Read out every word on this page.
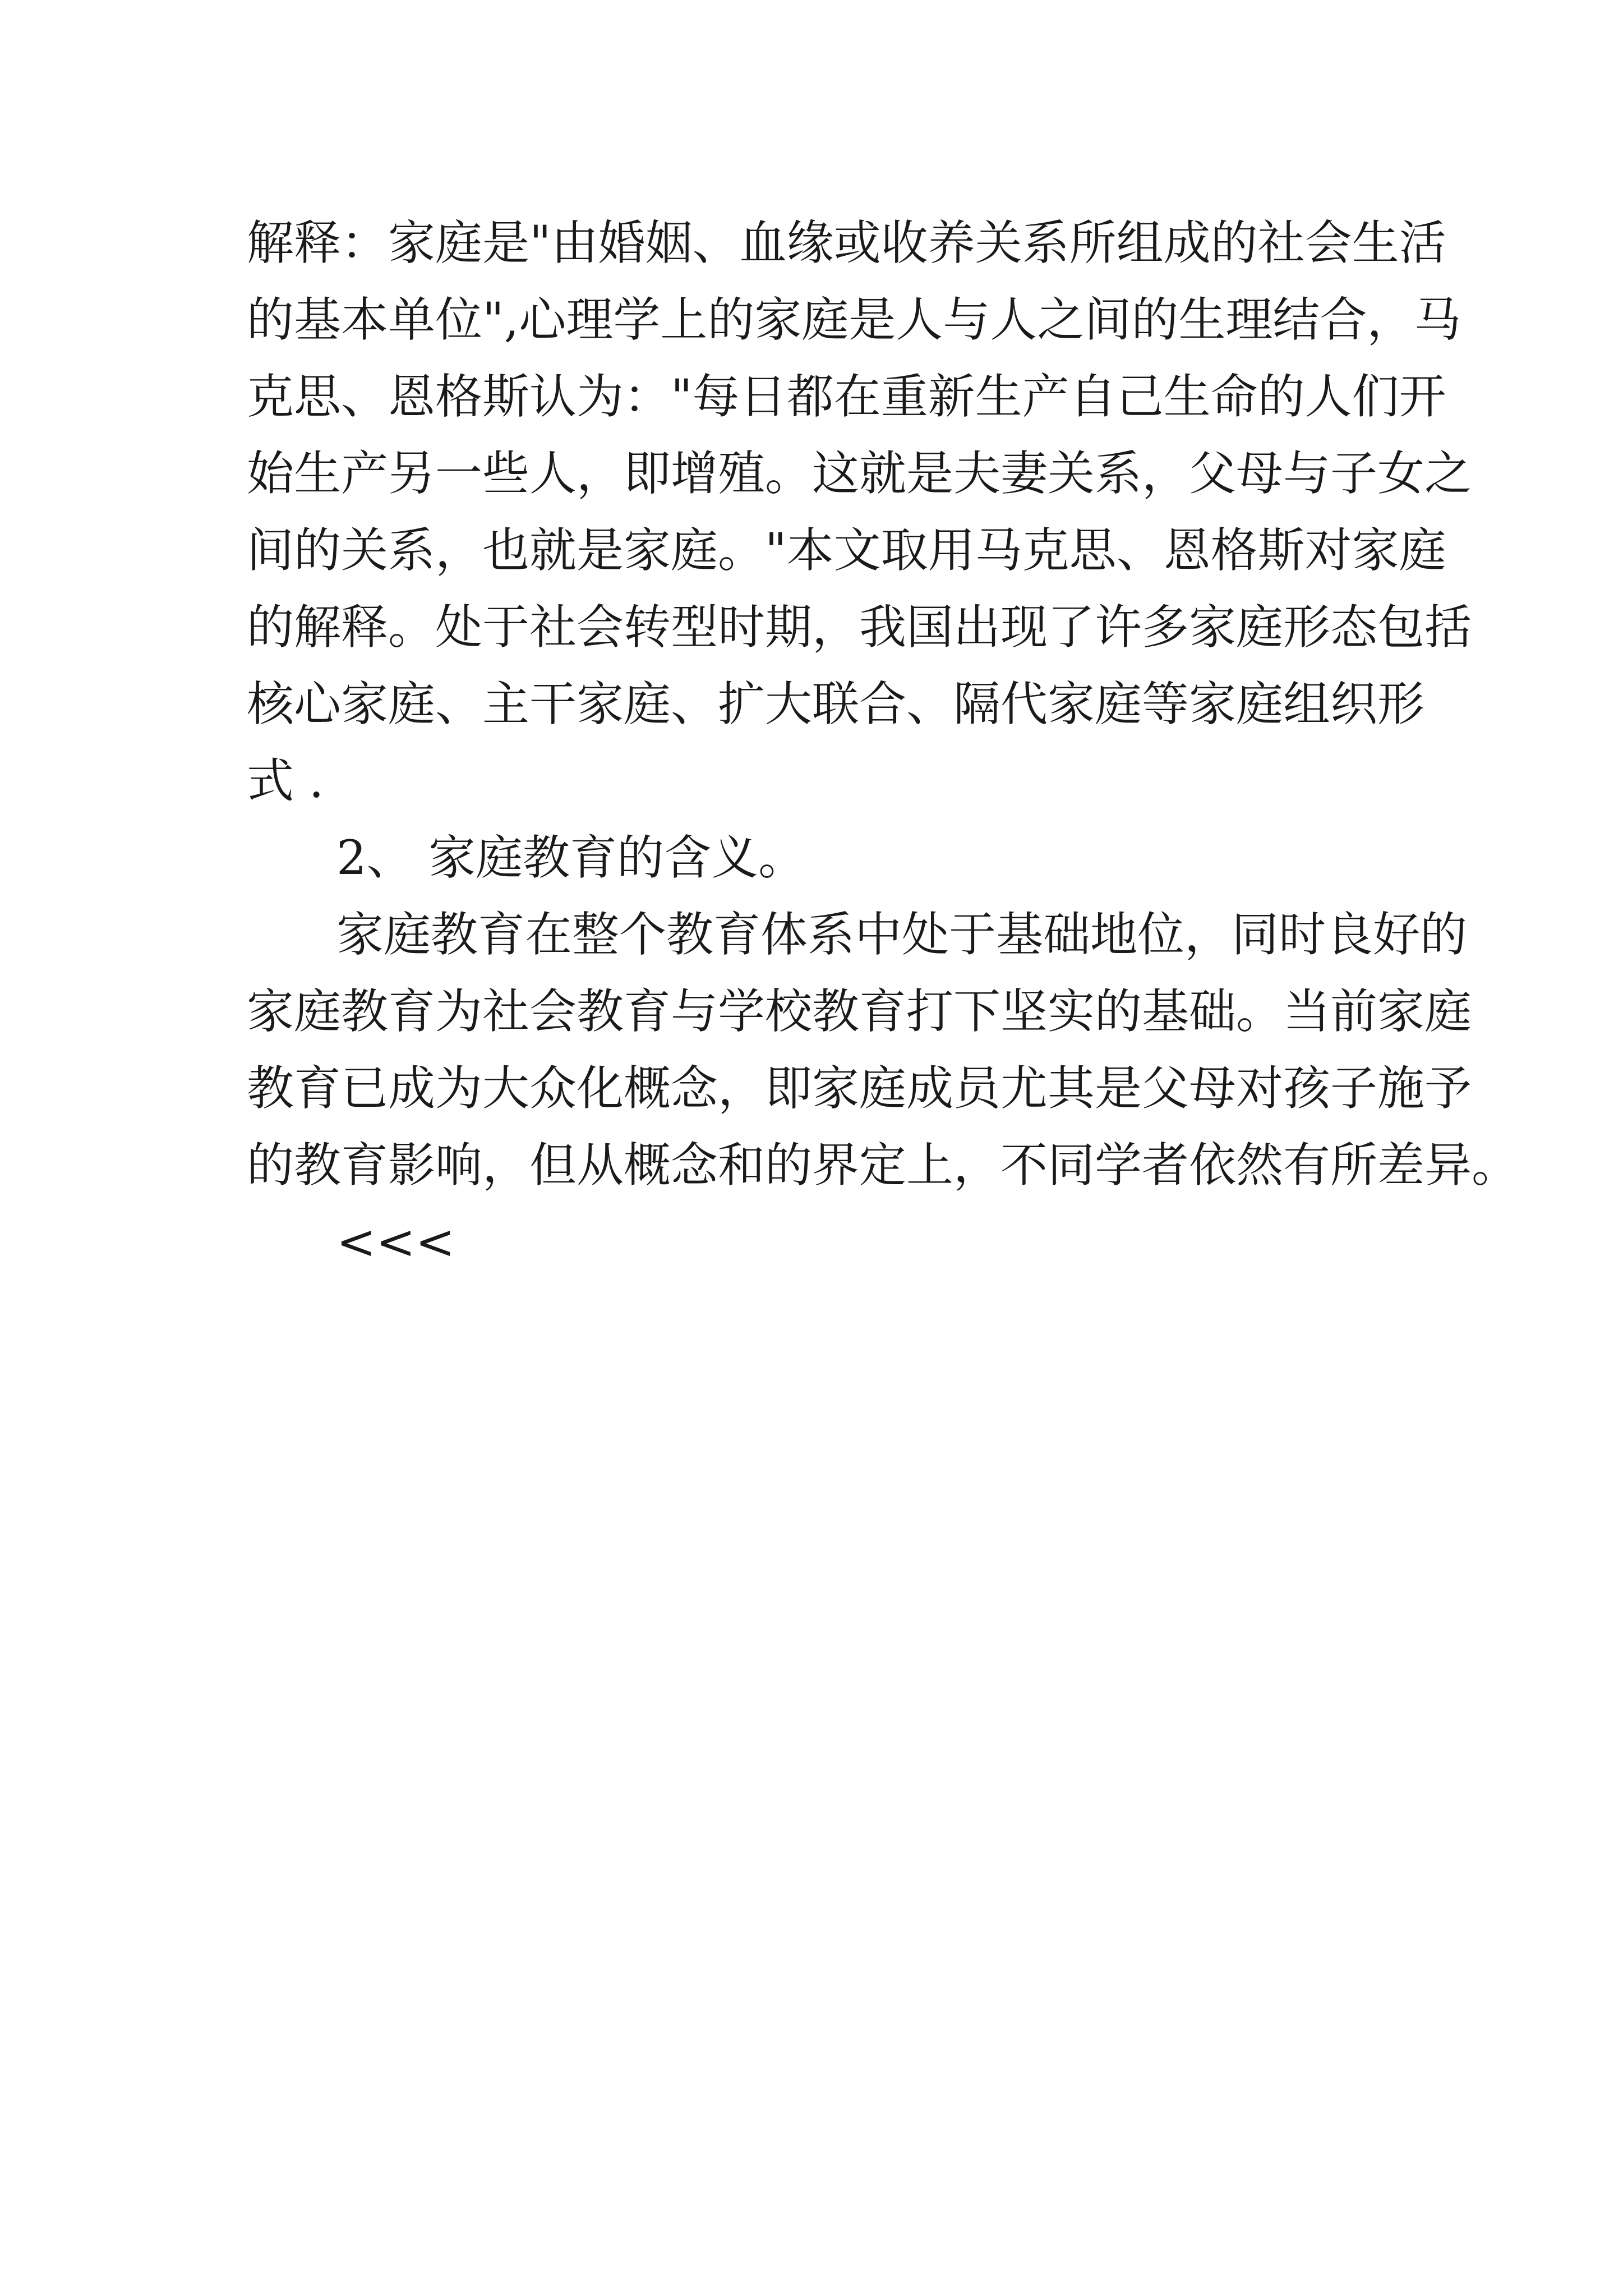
解释：家庭是"由婚姻、血缘或收养关系所组成的社会生活
的基本单位",心理学上的家庭是人与人之间的生理结合，马
克思、恩格斯认为："每日都在重新生产自己生命的人们开
始生产另一些人，即增殖。这就是夫妻关系，父母与子女之
间的关系，也就是家庭。"本文取用马克思、恩格斯对家庭
的解释。处于社会转型时期，我国出现了许多家庭形态包括
核心家庭、主干家庭、扩大联合、隔代家庭等家庭组织形
式 .
2、 家庭教育的含义。
家庭教育在整个教育体系中处于基础地位，同时良好的
家庭教育为社会教育与学校教育打下坚实的基础。当前家庭
教育已成为大众化概念，即家庭成员尤其是父母对孩子施予
的教育影响，但从概念和的界定上，不同学者依然有所差异。
<<<
